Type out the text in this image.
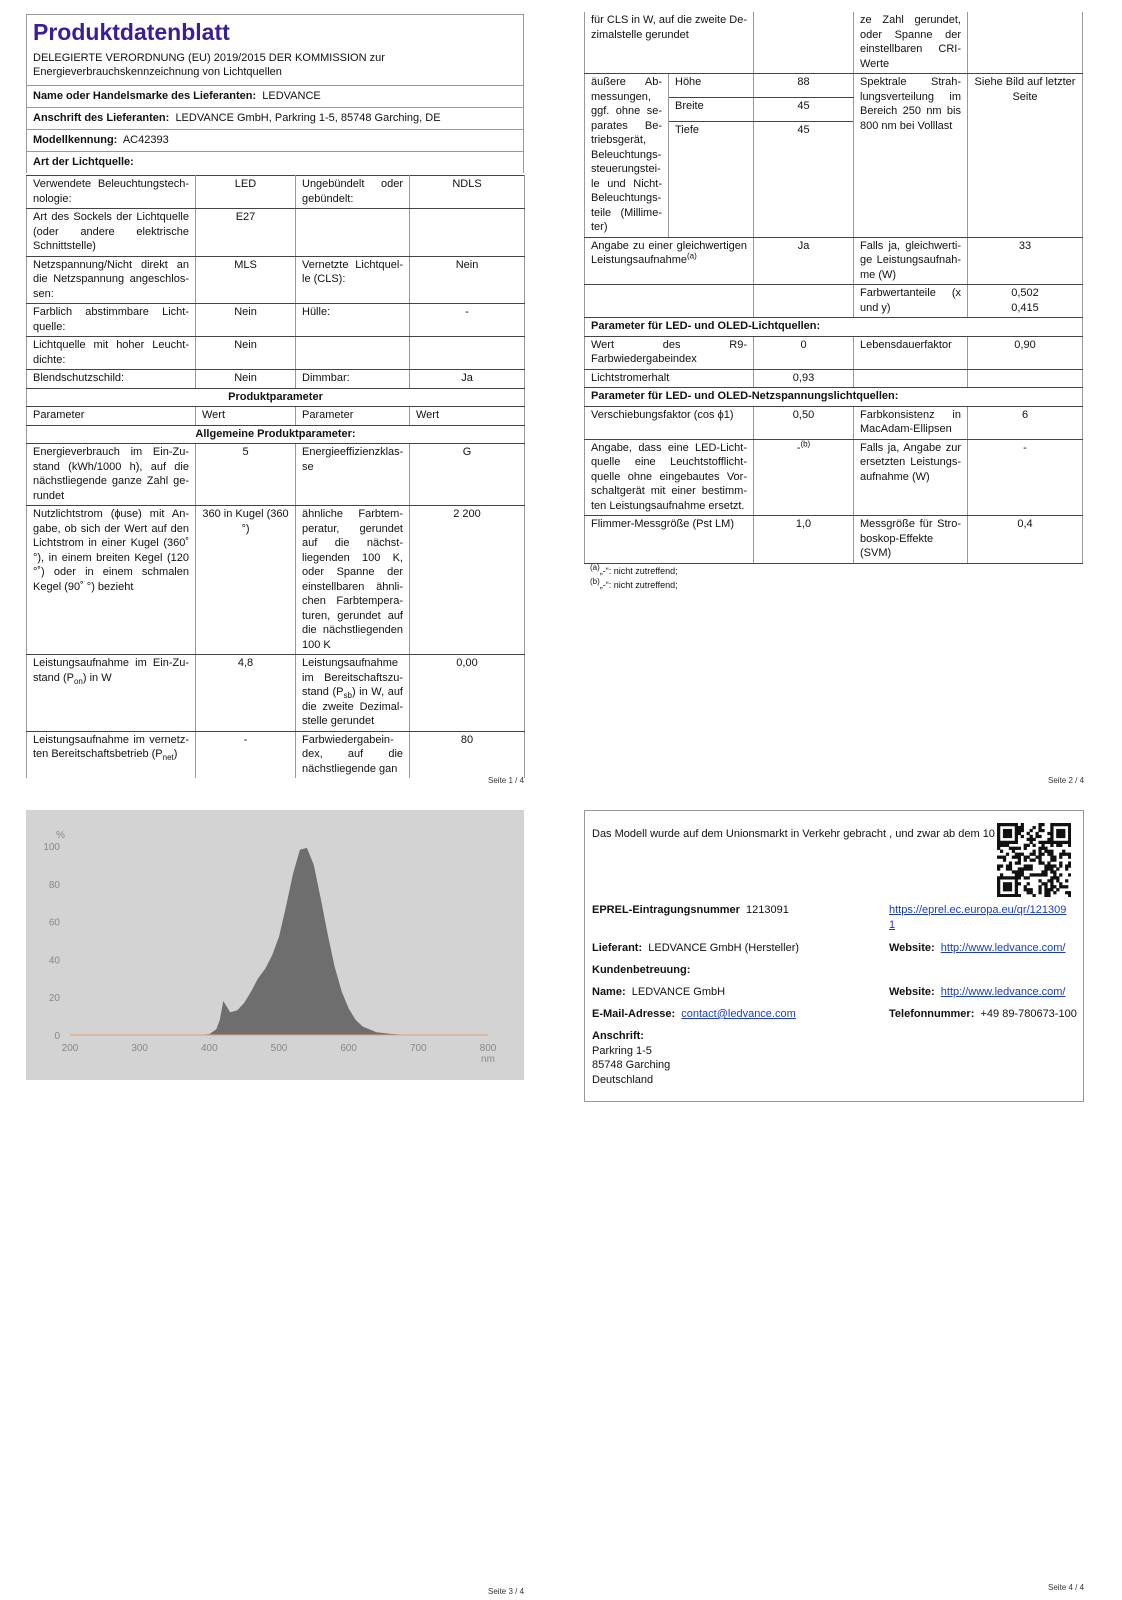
Produktdatenblatt
DELEGIERTE VERORDNUNG (EU) 2019/2015 DER KOMMISSION zur Energieverbrauchskennzeichnung von Lichtquellen
Name oder Handelsmarke des Lieferanten: LEDVANCE
Anschrift des Lieferanten: LEDVANCE GmbH, Parkring 1-5, 85748 Garching, DE
Modellkennung: AC42393
Art der Lichtquelle:
Verwendete Beleuchtungstechnologie:	LED	Ungebündelt oder gebündelt:	NDLS
Art des Sockels der Lichtquelle (oder andere elektrische Schnittstelle)	E27		
Netzspannung/Nicht direkt an die Netzspannung angeschlossen:	MLS	Vernetzte Lichtquelle (CLS):	Nein
Farblich abstimmbare Lichtquelle:	Nein	Hülle:	-
Lichtquelle mit hoher Leuchtdichte:	Nein		
Blendschutzschild:	Nein	Dimmbar:	Ja
Produktparameter			
Parameter	Wert	Parameter	Wert
Allgemeine Produktparameter:			
Energieverbrauch im Ein-Zustand (kWh/1000 h), auf die nächstliegende ganze Zahl gerundet	5	Energieeffizienzklasse	G
Nutzlichtstrom (ɸuse) mit Angabe, ob sich der Wert auf den Lichtstrom in einer Kugel (360˚ °), in einem breiten Kegel (120 °˚) oder in einem schmalen Kegel (90˚ °) bezieht	360 in Kugel (360 °)	ähnliche Farbtemperatur, gerundet auf die nächstliegenden 100 K, oder Spanne der einstellbaren ähnlichen Farbtemperaturen, gerundet auf die nächstliegenden 100 K	2 200
Leistungsaufnahme im Ein-Zustand $(P_{on})$ in W	4,8	Leistungsaufnahme im Bereitschaftszustand $(P_{sb})$ in W, auf die zweite Dezimalstelle gerundet	0,00
Leistungsaufnahme im vernetzten Bereitschaftsbetrieb $(P_{net})$	-	Farbwiedergabeindex, auf die nächstliegende gan	80
Seite 1 / 4
für CLS in W, auf die zweite Dezimalstelle gerundet			ze Zahl gerundet, oder Spanne der einstellbaren CRI-Werte	
äußere Abmessungen, ggf. ohne separates Betriebsgerät, Beleuchtungssteuerungsteile und Nicht-Beleuchtungsteile (Millimeter)	Höhe	88	Spektrale Strahlungsverteilung im Bereich 250 nm bis 800 nm bei Volllast	Siehe Bild auf letzter Seite
	Breite	45		
	Tiefe	45		
Angabe zu einer gleichwertigen Leistungsaufnahme$^{(a)}$		Ja	Falls ja, gleichwertige Leistungsaufnahme (W)	33
			Farbwertanteile (x und y)	0,502
0,415

Parameter für LED- und OLED-Lichtquellen:				
Wert des R9-Farbwiedergabeindex		0	Lebensdauerfaktor	0,90
Lichtstromerhalt		0,93		
Parameter für LED- und OLED-Netzspannungslichtquellen:				
Verschiebungsfaktor (cos ϕ1)		0,50	Farbkonsistenz in MacAdam-Ellipsen	6
Angabe, dass eine LED-Lichtquelle eine Leuchtstofflichtquelle ohne eingebautes Vorschaltgerät mit einer bestimmten Leistungsaufnahme ersetzt.		-$^{(b)}$	Falls ja, Angabe zur ersetzten Leistungsaufnahme (W)	-
Flimmer-Messgröße (Pst LM)		1,0	Messgröße für Stroboskop-Effekte (SVM)	0,4
$^{(a)}$„-“: nicht zutreffend;
$^{(b)}$„-“: nicht zutreffend;
Seite 2 / 4
%
0
20
40
60
80
100
200	300	400	500	600	700	800
nm
Seite 3 / 4
Das Modell wurde auf dem Unionsmarkt in Verkehr gebracht , und zwar ab dem 10
EPREL-Eintragungsnummer 1213091	https://eprel.ec.europa.eu/qr/1213091
Lieferant: LEDVANCE GmbH (Hersteller)	Website: http://www.ledvance.com/
Kundenbetreuung:
Name: LEDVANCE GmbH	Website: http://www.ledvance.com/
E-Mail-Adresse: contact@ledvance.com	Telefonnummer: +49 89-780673-100
Anschrift:
Parkring 1-5
85748 Garching
Deutschland
Seite 4 / 4
